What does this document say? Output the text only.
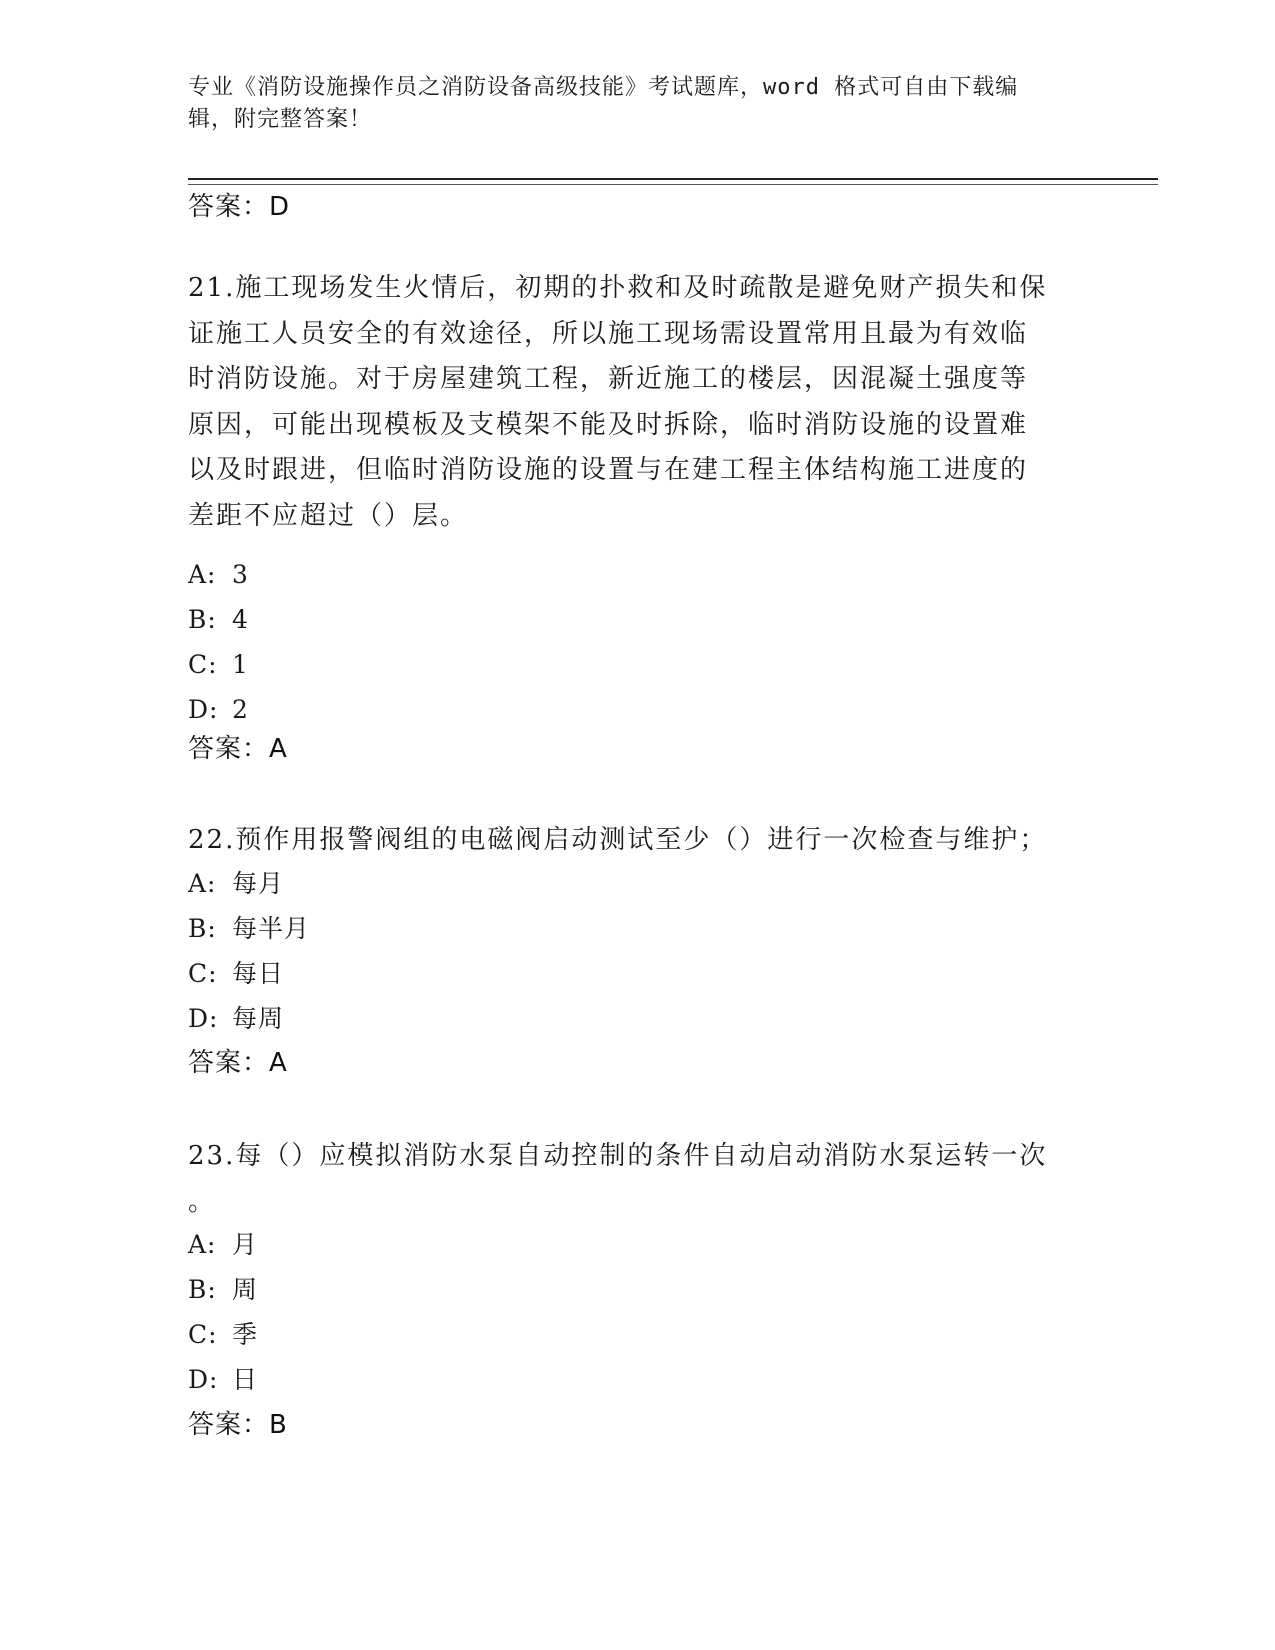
专业《消防设施操作员之消防设备高级技能》考试题库，word 格式可自由下载编
辑，附完整答案！
答案：D
21.施工现场发生火情后，初期的扑救和及时疏散是避免财产损失和保
证施工人员安全的有效途径，所以施工现场需设置常用且最为有效临
时消防设施。对于房屋建筑工程，新近施工的楼层，因混凝土强度等
原因，可能出现模板及支模架不能及时拆除，临时消防设施的设置难
以及时跟进，但临时消防设施的设置与在建工程主体结构施工进度的
差距不应超过（）层。
A: 3
B: 4
C: 1
D: 2
答案：A
22.预作用报警阀组的电磁阀启动测试至少（）进行一次检查与维护；
A: 每月
B: 每半月
C: 每日
D: 每周
答案：A
23.每（）应模拟消防水泵自动控制的条件自动启动消防水泵运转一次
。
A: 月
B: 周
C: 季
D: 日
答案：B
